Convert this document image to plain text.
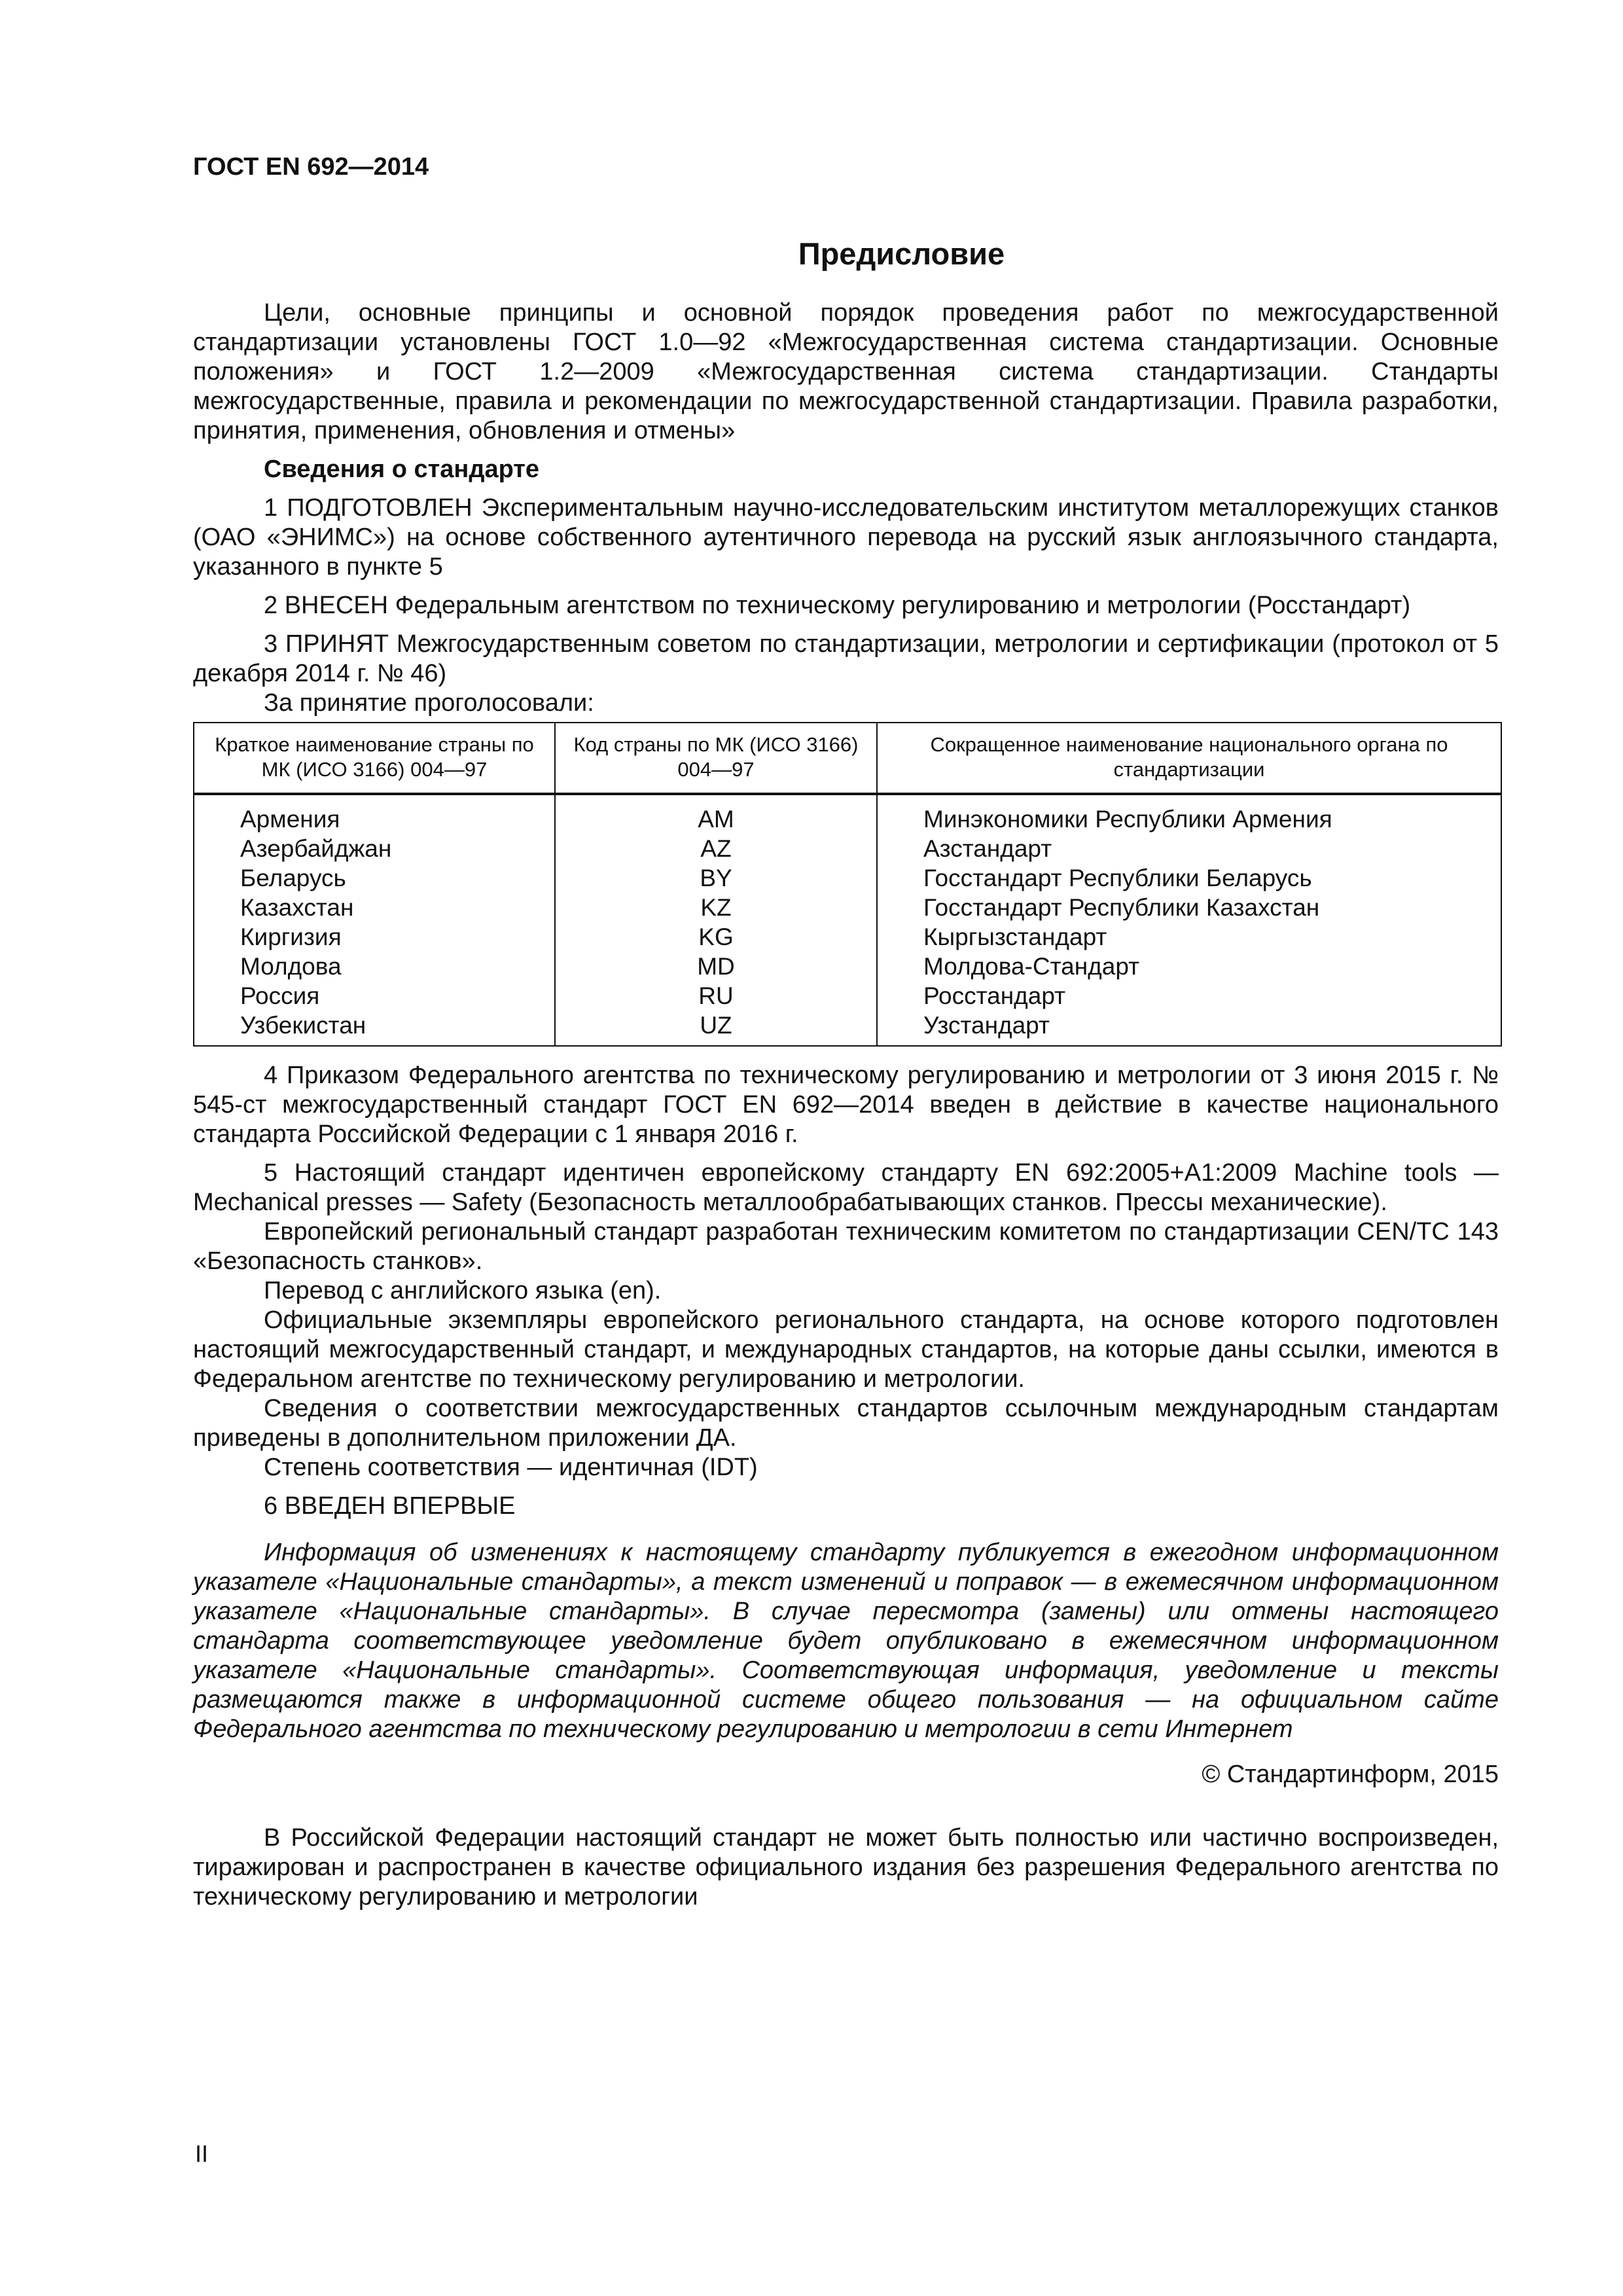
ГОСТ EN 692—2014
Предисловие

Цели, основные принципы и основной порядок проведения работ по межгосударственной стандартизации установлены ГОСТ 1.0—92 «Межгосударственная система стандартизации. Основные положения» и ГОСТ 1.2—2009 «Межгосударственная система стандартизации. Стандарты межгосударственные, правила и рекомендации по межгосударственной стандартизации. Правила разработки, принятия, применения, обновления и отмены»

Сведения о стандарте

1 ПОДГОТОВЛЕН Экспериментальным научно-исследовательским институтом металлорежущих станков (ОАО «ЭНИМС») на основе собственного аутентичного перевода на русский язык англоязычного стандарта, указанного в пункте 5

2 ВНЕСЕН Федеральным агентством по техническому регулированию и метрологии (Росстандарт)

3 ПРИНЯТ Межгосударственным советом по стандартизации, метрологии и сертификации (протокол от 5 декабря 2014 г. № 46)

За принятие проголосовали:

Краткое наименование страны по МК (ИСО 3166) 004—97	Код страны по МК (ИСО 3166) 004—97	Сокращенное наименование национального органа по стандартизации

Армения	AM	Минэкономики Республики Армения
Азербайджан	AZ	Азстандарт
Беларусь	BY	Госстандарт Республики Беларусь
Казахстан	KZ	Госстандарт Республики Казахстан
Киргизия	KG	Кыргызстандарт
Молдова	MD	Молдова-Стандарт
Россия	RU	Росстандарт
Узбекистан	UZ	Узстандарт

4 Приказом Федерального агентства по техническому регулированию и метрологии от 3 июня 2015 г. № 545-ст межгосударственный стандарт ГОСТ EN 692—2014 введен в действие в качестве национального стандарта Российской Федерации с 1 января 2016 г.

5 Настоящий стандарт идентичен европейскому стандарту EN 692:2005+A1:2009 Machine tools — Mechanical presses — Safety (Безопасность металлообрабатывающих станков. Прессы механические).

Европейский региональный стандарт разработан техническим комитетом по стандартизации CEN/TC 143 «Безопасность станков».

Перевод с английского языка (en).

Официальные экземпляры европейского регионального стандарта, на основе которого подготовлен настоящий межгосударственный стандарт, и международных стандартов, на которые даны ссылки, имеются в Федеральном агентстве по техническому регулированию и метрологии.

Сведения о соответствии межгосударственных стандартов ссылочным международным стандартам приведены в дополнительном приложении ДА.

Степень соответствия — идентичная (IDT)

6 ВВЕДЕН ВПЕРВЫЕ

Информация об изменениях к настоящему стандарту публикуется в ежегодном информационном указателе «Национальные стандарты», а текст изменений и поправок — в ежемесячном информационном указателе «Национальные стандарты». В случае пересмотра (замены) или отмены настоящего стандарта соответствующее уведомление будет опубликовано в ежемесячном информационном указателе «Национальные стандарты». Соответствующая информация, уведомление и тексты размещаются также в информационной системе общего пользования — на официальном сайте Федерального агентства по техническому регулированию и метрологии в сети Интернет

© Стандартинформ, 2015

В Российской Федерации настоящий стандарт не может быть полностью или частично воспроизведен, тиражирован и распространен в качестве официального издания без разрешения Федерального агентства по техническому регулированию и метрологии

II
